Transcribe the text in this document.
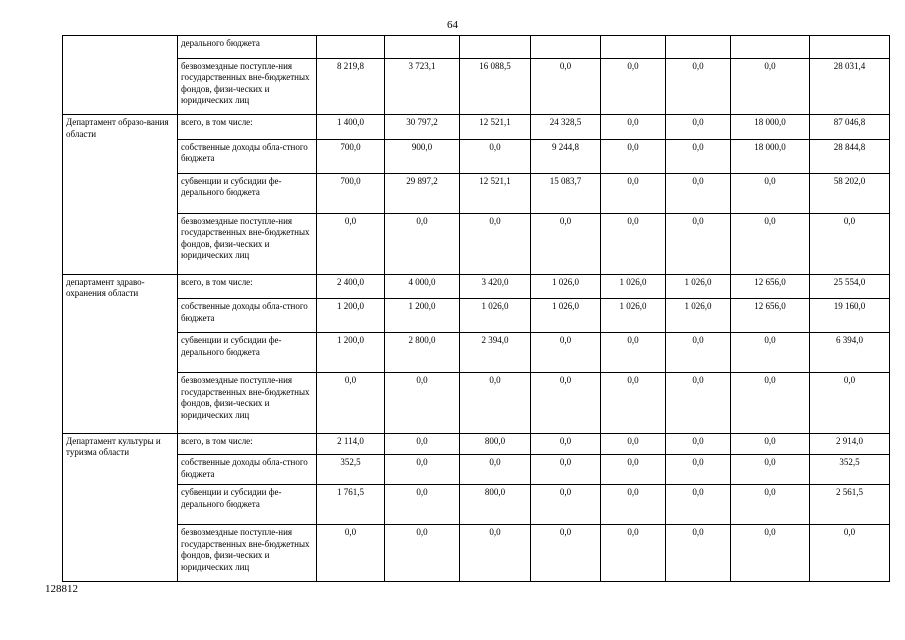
64
	дерального бюджета								
	безвозмездные поступле-ния государственных вне-бюджетных фондов, физи-ческих и юридических лиц	8 219,8	3 723,1	16 088,5	0,0	0,0	0,0	0,0	28 031,4
Департамент образо-вания области	всего, в том числе:	1 400,0	30 797,2	12 521,1	24 328,5	0,0	0,0	18 000,0	87 046,8
	собственные доходы обла-стного бюджета	700,0	900,0	0,0	9 244,8	0,0	0,0	18 000,0	28 844,8
	субвенции и субсидии фе-дерального бюджета	700,0	29 897,2	12 521,1	15 083,7	0,0	0,0	0,0	58 202,0
	безвозмездные поступле-ния государственных вне-бюджетных фондов, физи-ческих и юридических лиц	0,0	0,0	0,0	0,0	0,0	0,0	0,0	0,0
департамент здраво-охранения области	всего, в том числе:	2 400,0	4 000,0	3 420,0	1 026,0	1 026,0	1 026,0	12 656,0	25 554,0
	собственные доходы обла-стного бюджета	1 200,0	1 200,0	1 026,0	1 026,0	1 026,0	1 026,0	12 656,0	19 160,0
	субвенции и субсидии фе-дерального бюджета	1 200,0	2 800,0	2 394,0	0,0	0,0	0,0	0,0	6 394,0
	безвозмездные поступле-ния государственных вне-бюджетных фондов, физи-ческих и юридических лиц	0,0	0,0	0,0	0,0	0,0	0,0	0,0	0,0
Департамент культуры и туризма области	всего, в том числе:	2 114,0	0,0	800,0	0,0	0,0	0,0	0,0	2 914,0
	собственные доходы обла-стного бюджета	352,5	0,0	0,0	0,0	0,0	0,0	0,0	352,5
	субвенции и субсидии фе-дерального бюджета	1 761,5	0,0	800,0	0,0	0,0	0,0	0,0	2 561,5
	безвозмездные поступле-ния государственных вне-бюджетных фондов, физи-ческих и юридических лиц	0,0	0,0	0,0	0,0	0,0	0,0	0,0	0,0
128812
